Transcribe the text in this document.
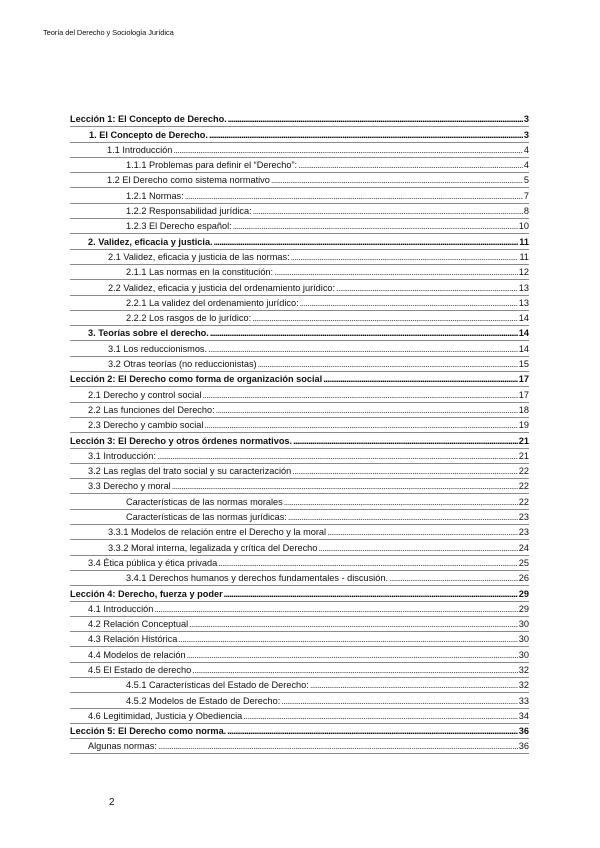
Teoría del Derecho y Sociología Jurídica
Lección 1: El Concepto de Derecho. . . .	3
1. El Concepto de Derecho. . . .	3
1.1 Introducción . . .	4
1.1.1 Problemas para definir el “Derecho”: . . .	4
1.2 El Derecho como sistema normativo . . .	5
1.2.1 Normas: . . .	7
1.2.2 Responsabilidad jurídica: . . .	8
1.2.3 El Derecho español: . . .	10
2. Validez, eficacia y justicia. . . .	11
2.1 Validez, eficacia y justicia de las normas: . . .	11
2.1.1 Las normas en la constitución: . . .	12
2.2 Validez, eficacia y justicia del ordenamiento jurídico: . . .	13
2.2.1 La validez del ordenamiento jurídico: . . .	13
2.2.2 Los rasgos de lo jurídico: . . .	14
3. Teorías sobre el derecho. . . .	14
3.1 Los reduccionismos. . . .	14
3.2 Otras teorías (no reduccionistas) . . .	15
Lección 2: El Derecho como forma de organización social . . .	17
2.1 Derecho y control social . . .	17
2.2 Las funciones del Derecho: . . .	18
2.3 Derecho y cambio social . . .	19
Lección 3: El Derecho y otros órdenes normativos. . . .	21
3.1 Introducción: . . .	21
3.2 Las reglas del trato social y su caracterización . . .	22
3.3 Derecho y moral . . .	22
Características de las normas morales . . .	22
Características de las normas jurídicas: . . .	23
3.3.1 Modelos de relación entre el Derecho y la moral . . .	23
3.3.2 Moral interna, legalizada y crítica del Derecho . . .	24
3.4 Ética pública y ética privada . . .	25
3.4.1 Derechos humanos y derechos fundamentales - discusión. . . .	26
Lección 4: Derecho, fuerza y poder . . .	29
4.1 Introducción . . .	29
4.2 Relación Conceptual . . .	30
4.3 Relación Histórica . . .	30
4.4 Modelos de relación . . .	30
4.5 El Estado de derecho . . .	32
4.5.1 Características del Estado de Derecho: . . .	32
4.5.2 Modelos de Estado de Derecho: . . .	33
4.6 Legitimidad, Justicia y Obediencia . . .	34
Lección 5: El Derecho como norma. . . .	36
Algunas normas: . . .	36
2
